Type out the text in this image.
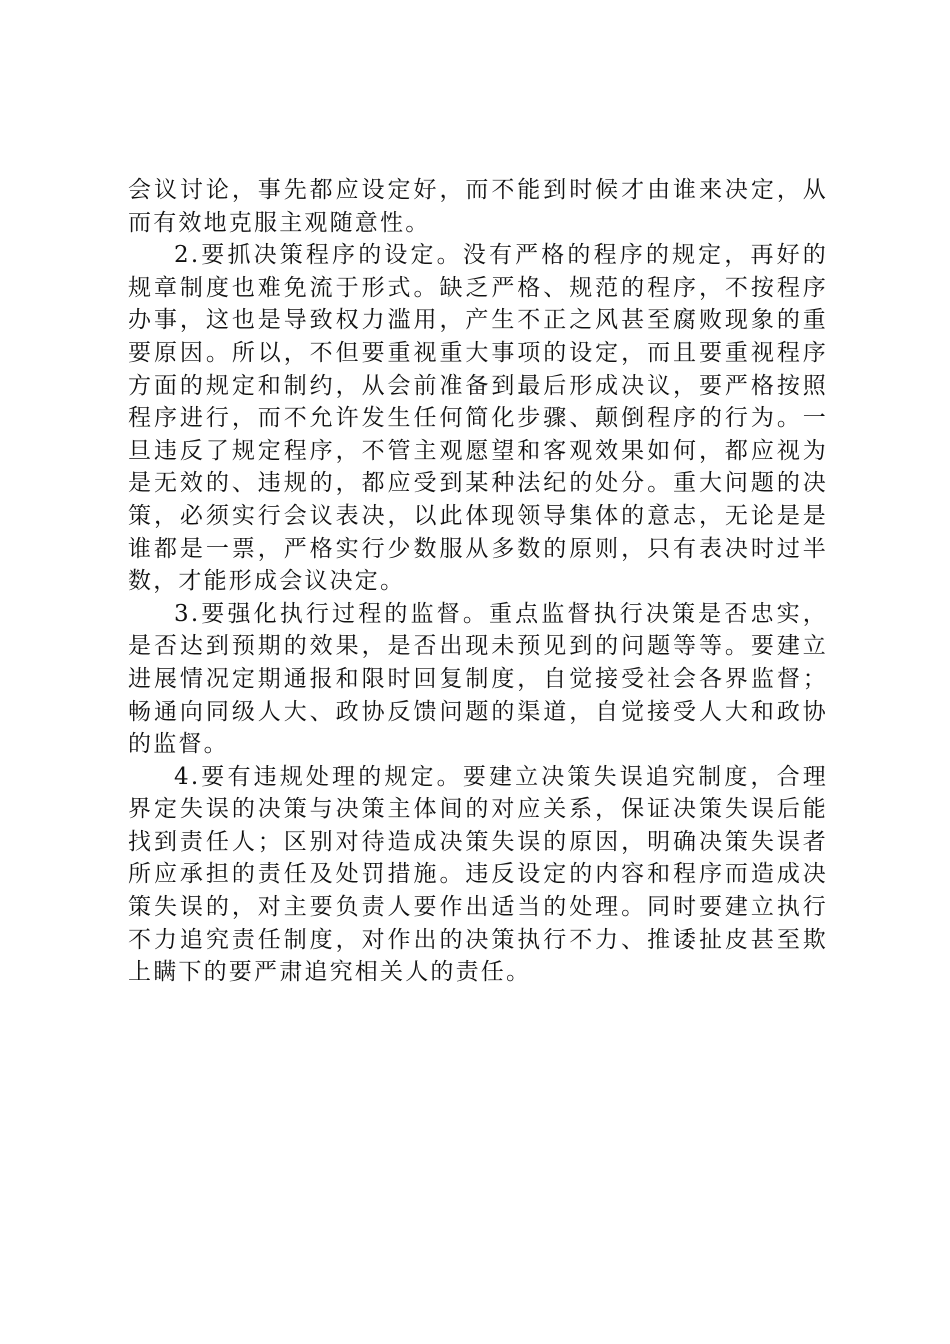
会议讨论，事先都应设定好，而不能到时候才由谁来决定，从而有效地克服主观随意性。

2.要抓决策程序的设定。没有严格的程序的规定，再好的规章制度也难免流于形式。缺乏严格、规范的程序，不按程序办事，这也是导致权力滥用，产生不正之风甚至腐败现象的重要原因。所以，不但要重视重大事项的设定，而且要重视程序方面的规定和制约，从会前准备到最后形成决议，要严格按照程序进行，而不允许发生任何简化步骤、颠倒程序的行为。一旦违反了规定程序，不管主观愿望和客观效果如何，都应视为是无效的、违规的，都应受到某种法纪的处分。重大问题的决策，必须实行会议表决，以此体现领导集体的意志，无论是是谁都是一票，严格实行少数服从多数的原则，只有表决时过半数，才能形成会议决定。

3.要强化执行过程的监督。重点监督执行决策是否忠实，是否达到预期的效果，是否出现未预见到的问题等等。要建立进展情况定期通报和限时回复制度，自觉接受社会各界监督；畅通向同级人大、政协反馈问题的渠道，自觉接受人大和政协的监督。

4.要有违规处理的规定。要建立决策失误追究制度，合理界定失误的决策与决策主体间的对应关系，保证决策失误后能找到责任人；区别对待造成决策失误的原因，明确决策失误者所应承担的责任及处罚措施。违反设定的内容和程序而造成决策失误的，对主要负责人要作出适当的处理。同时要建立执行不力追究责任制度，对作出的决策执行不力、推诿扯皮甚至欺上瞒下的要严肃追究相关人的责任。
